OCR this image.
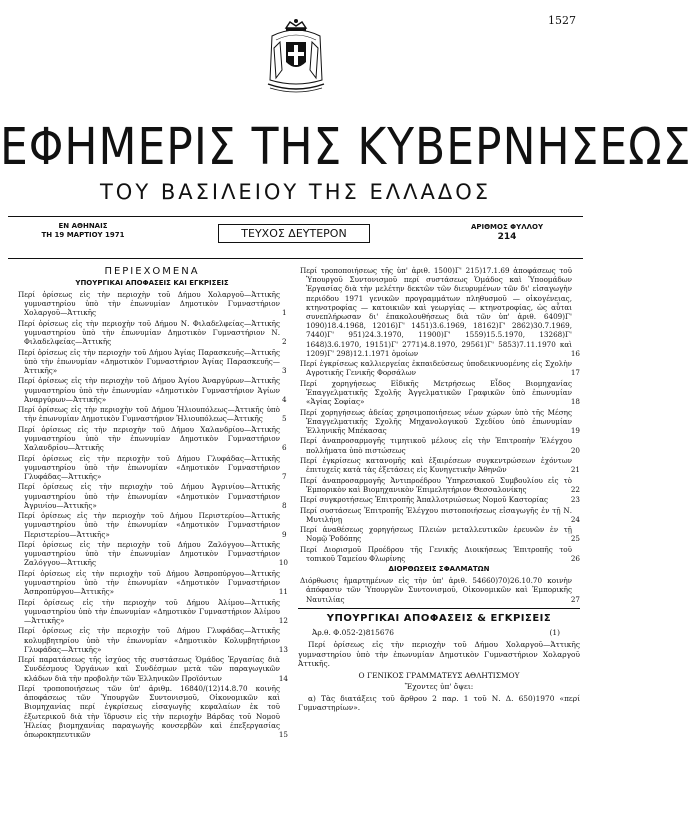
1527
ΕΦΗΜΕΡΙΣ ΤΗΣ ΚΥΒΕΡΝΗΣΕΩΣ
ΤΟΥ ΒΑΣΙΛΕΙΟΥ ΤΗΣ ΕΛΛΑΔΟΣ
ΕΝ ΑΘΗΝΑΙΣ
ΤΗ 19 ΜΑΡΤΙΟΥ 1971	ΤΕΥΧΟΣ ΔΕΥΤΕΡΟΝ	ΑΡΙΘΜΟΣ ΦΥΛΛΟΥ
214
ΠΕΡΙΕΧΟΜΕΝΑ
ΥΠΟΥΡΓΙΚΑΙ ΑΠΟΦΑΣΕΙΣ ΚΑΙ ΕΓΚΡΙΣΕΙΣ
Περί ὁρίσεως εἰς τὴν περιοχὴν τοῦ Δήμου Χολαργοῦ—Ἀττικῆς γυμναστηρίου ὑπὸ τὴν ἐπωνυμίαν Δημοτικὸν Γυμναστήριον Χολαργοῦ—Ἀττικῆς	1
Περί ὁρίσεως εἰς τὴν περιοχὴν τοῦ Δήμου Ν. Φιλαδελφείας—Ἀττικῆς γυμναστηρίου ὑπὸ τὴν ἐπωνυμίαν Δημοτικὸν Γυμναστήριον Ν. Φιλαδελφείας—Ἀττικῆς	2
Περί ὁρίσεως εἰς τὴν περιοχὴν τοῦ Δήμου Ἁγίας Παρασκευῆς—Ἀττικῆς ὑπὸ τὴν ἐπωνυμίαν «Δημοτικὸν Γυμναστήριον Ἁγίας Παρασκευῆς—Ἀττικῆς»	3
Περί ὁρίσεως εἰς τὴν περιοχὴν τοῦ Δήμου Ἁγίου Ἀναργύρων—Ἀττικῆς γυμναστηρίου ὑπὸ τὴν ἐπωνυμίαν «Δημοτικὸν Γυμναστήριον Ἁγίων Ἀναργύρων—Ἀττικῆς»	4
Περί ὁρίσεως εἰς τὴν περιοχὴν τοῦ Δήμου Ἠλιουπόλεως—Ἀττικῆς ὑπὸ τὴν ἐπωνυμίαν Δημοτικὸν Γυμναστήριον Ἠλιουπόλεως—Ἀττικῆς	5
Περί ὁρίσεως εἰς τὴν περιοχὴν τοῦ Δήμου Χαλανδρίου—Ἀττικῆς γυμναστηρίου ὑπὸ τὴν ἐπωνυμίαν Δημοτικὸν Γυμναστήριον Χαλανδρίου—Ἀττικῆς	6
Περί ὁρίσεως εἰς τὴν περιοχὴν τοῦ Δήμου Γλυφάδας—Ἀττικῆς γυμναστηρίου ὑπὸ τὴν ἐπωνυμίαν «Δημοτικὸν Γυμναστήριον Γλυφάδας—Ἀττικῆς»	7
Περί ὁρίσεως εἰς τὴν περιοχὴν τοῦ Δήμου Ἀγρινίου—Ἀττικῆς γυμναστηρίου ὑπὸ τὴν ἐπωνυμίαν «Δημοτικὸν Γυμναστήριον Ἀγρινίου—Ἀττικῆς»	8
Περί ὁρίσεως εἰς τὴν περιοχὴν τοῦ Δήμου Περιστερίου—Ἀττικῆς γυμναστηρίου ὑπὸ τὴν ἐπωνυμίαν «Δημοτικὸν Γυμναστήριον Περιστερίου—Ἀττικῆς»	9
Περί ὁρίσεως εἰς τὴν περιοχὴν τοῦ Δήμου Ζαλόγγου—Ἀττικῆς γυμναστηρίου ὑπὸ τὴν ἐπωνυμίαν Δημοτικὸν Γυμναστήριον Ζαλόγγου—Ἀττικῆς	10
Περί ὁρίσεως εἰς τὴν περιοχὴν τοῦ Δήμου Ἀσπροπύργου—Ἀττικῆς γυμναστηρίου ὑπὸ τὴν ἐπωνυμίαν «Δημοτικὸν Γυμναστήριον Ἀσπροπύργου—Ἀττικῆς»	11
Περί ὁρίσεως εἰς τὴν περιοχὴν τοῦ Δήμου Ἀλίμου—Ἀττικῆς γυμναστηρίου ὑπὸ τὴν ἐπωνυμίαν «Δημοτικὸν Γυμναστήριον Ἀλίμου—Ἀττικῆς»	12
Περί ὁρίσεως εἰς τὴν περιοχὴν τοῦ Δήμου Γλυφάδας—Ἀττικῆς κολυμβητηρίου ὑπὸ τὴν ἐπωνυμίαν «Δημοτικὸν Κολυμβητήριον Γλυφάδας—Ἀττικῆς»	13
Περί παρατάσεως τῆς ἰσχύος τῆς συστάσεως Ὁμάδος Ἐργασίας διὰ Συνδέσμους Ὀργάνων καὶ Συνδέσμων μετὰ τῶν παραγωγικῶν κλάδων διὰ τὴν προβολὴν τῶν Ἑλληνικῶν Προϊόντων	14
Περί τροποποιήσεως τῶν ὑπ' ἀριθμ. 16840/(12)14.8.70 κοινῆς ἀποφάσεως τῶν Ὑπουργῶν Συντονισμοῦ, Οἰκονομικῶν καὶ Βιομηχανίας περί ἐγκρίσεως εἰσαγωγῆς κεφαλαίων ἐκ τοῦ ἐξωτερικοῦ διὰ τὴν ἵδρυσιν εἰς τὴν περιοχὴν Βάρδας τοῦ Νομοῦ Ἠλείας βιομηχανίας παραγωγῆς κονσερβῶν καὶ ἐπεξεργασίας ὀπωροκηπευτικῶν	15
Περί τροποποιήσεως τῆς ὑπ' ἀριθ. 1500)Γ' 215)17.1.69 ἀποφάσεως τοῦ Ὑπουργοῦ Συντονισμοῦ περί συστάσεως Ὁμάδος καὶ Ὑποομάδων Ἐργασίας διὰ τὴν μελέτην δεκτῶν τῶν διευρυμένων τῶν δι' εἰσαγωγὴν περιόδου 1971 γενικῶν προγραμμάτων πληθυσμοῦ — οἰκογένειας, κτηνοτροφίας — κατοικιῶν καὶ γεωργίας — κτηνοτροφίας, ὡς αὗται συνεπλήρωσαν δι' ἐπακολουθήσεως διὰ τῶν ὑπ' ἀριθ. 6409)Γ' 1090)18.4.1968, 12016)Γ' 1451)3.6.1969, 18162)Γ' 2862)30.7.1969, 7440)Γ' 951)24.3.1970, 11900)Γ' 1559)15.5.1970, 13268)Γ' 1648)3.6.1970, 19151)Γ' 2771)4.8.1970, 29561)Γ' 5853)7.11.1970 καὶ 1209)Γ' 298)12.1.1971 ὁμοίων	16
Περί ἐγκρίσεως καλλιεργείας ἐκπαιδεύσεως ὑποδεικνυομένης εἰς Σχολὴν Αγροτικῆς Γενικῆς Φορσάλων	17
Περί χορηγήσεως Εἰδικῆς Μετρήσεως Εἶδος Βιομηχανίας Ἐπαγγελματικῆς Σχολῆς Ἀγγελματικῶν Γραφικῶν ὑπὸ ἐπωνυμίαν «Ἁγίας Σοφίας»	18
Περί χορηγήσεως ἀδείας χρησιμοποιήσεως νέων χώρων ὑπὸ τῆς Μέσης Ἐπαγγελματικῆς Σχολῆς Μηχανολογικοῦ Σχεδίου ὑπὸ ἐπωνυμίαν Ἑλληνικῆς Μπέκασας	19
Περί ἀναπροσαρμογῆς τιμητικοῦ μέλους εἰς τὴν Ἐπιτροπὴν Ἐλέγχου πολλήματα ὑπὸ πιστώσεως	20
Περί ἐγκρίσεως κατανομῆς καὶ ἐξαιρέσεων συγκεντρώσεων ἐχόντων ἐπιτυχεῖς κατὰ τὰς ἐξετάσεις εἰς Κυνηγετικὴν Ἀθηνῶν	21
Περί ἀναπροσαρμογῆς Ἀντιπροέδρου Ὑπηρεσιακοῦ Συμβουλίου εἰς τὸ Ἐμπορικὸν καὶ Βιομηχανικὸν Ἐπιμελητήριον Θεσσαλονίκης	22
Περί συγκροτήσεως Ἐπιτροπῆς Ἀπαλλοτριώσεως Νομοῦ Καστορίας	23
Περί συστάσεως Ἐπιτροπῆς Ἐλέγχου πιστοποιήσεως εἰσαγωγῆς ἐν τῇ Ν. Μυτιλήνῃ	24
Περί ἀναθέσεως χορηγήσεως Πλειὼν μεταλλευτικῶν ἐρευνῶν ἐν τῇ Νομῷ Ῥοδόπης	25
Περί Διορισμοῦ Προέδρου τῆς Γενικῆς Διοικήσεως Ἐπιτροπῆς τοῦ τοπικοῦ Ταμείου Φλωρίνης	26
ΔΙΟΡΘΩΣΕΙΣ ΣΦΑΛΜΑΤΩΝ
Διόρθωσις ἡμαρτημένων εἰς τὴν ὑπ' ἀριθ. 54660)70)26.10.70 κοινὴν ἀπόφασιν τῶν Ὑπουργῶν Συντονισμοῦ, Οἰκονομικῶν καὶ Ἐμπορικῆς Ναυτιλίας	27
ΥΠΟΥΡΓΙΚΑΙ ΑΠΟΦΑΣΕΙΣ & ΕΓΚΡΙΣΕΙΣ
Ἀρ.θ. Φ.052-2)815676	(1)
Περί ὁρίσεως εἰς τὴν περιοχὴν τοῦ Δήμου Χολαργοῦ—Ἀττικῆς γυμναστηρίου ὑπὸ τὴν ἐπωνυμίαν Δημοτικὸν Γυμναστήριον Χολαργοῦ Ἀττικῆς.
Ο ΓΕΝΙΚΟΣ ΓΡΑΜΜΑΤΕΥΣ ΑΘΛΗΤΙΣΜΟΥ
Ἔχοντες ὑπ' ὄψει:
α) Τὰς διατάξεις τοῦ ἄρθρου 2 παρ. 1 τοῦ Ν. Δ. 650)1970 «περί Γυμναστηρίων».
